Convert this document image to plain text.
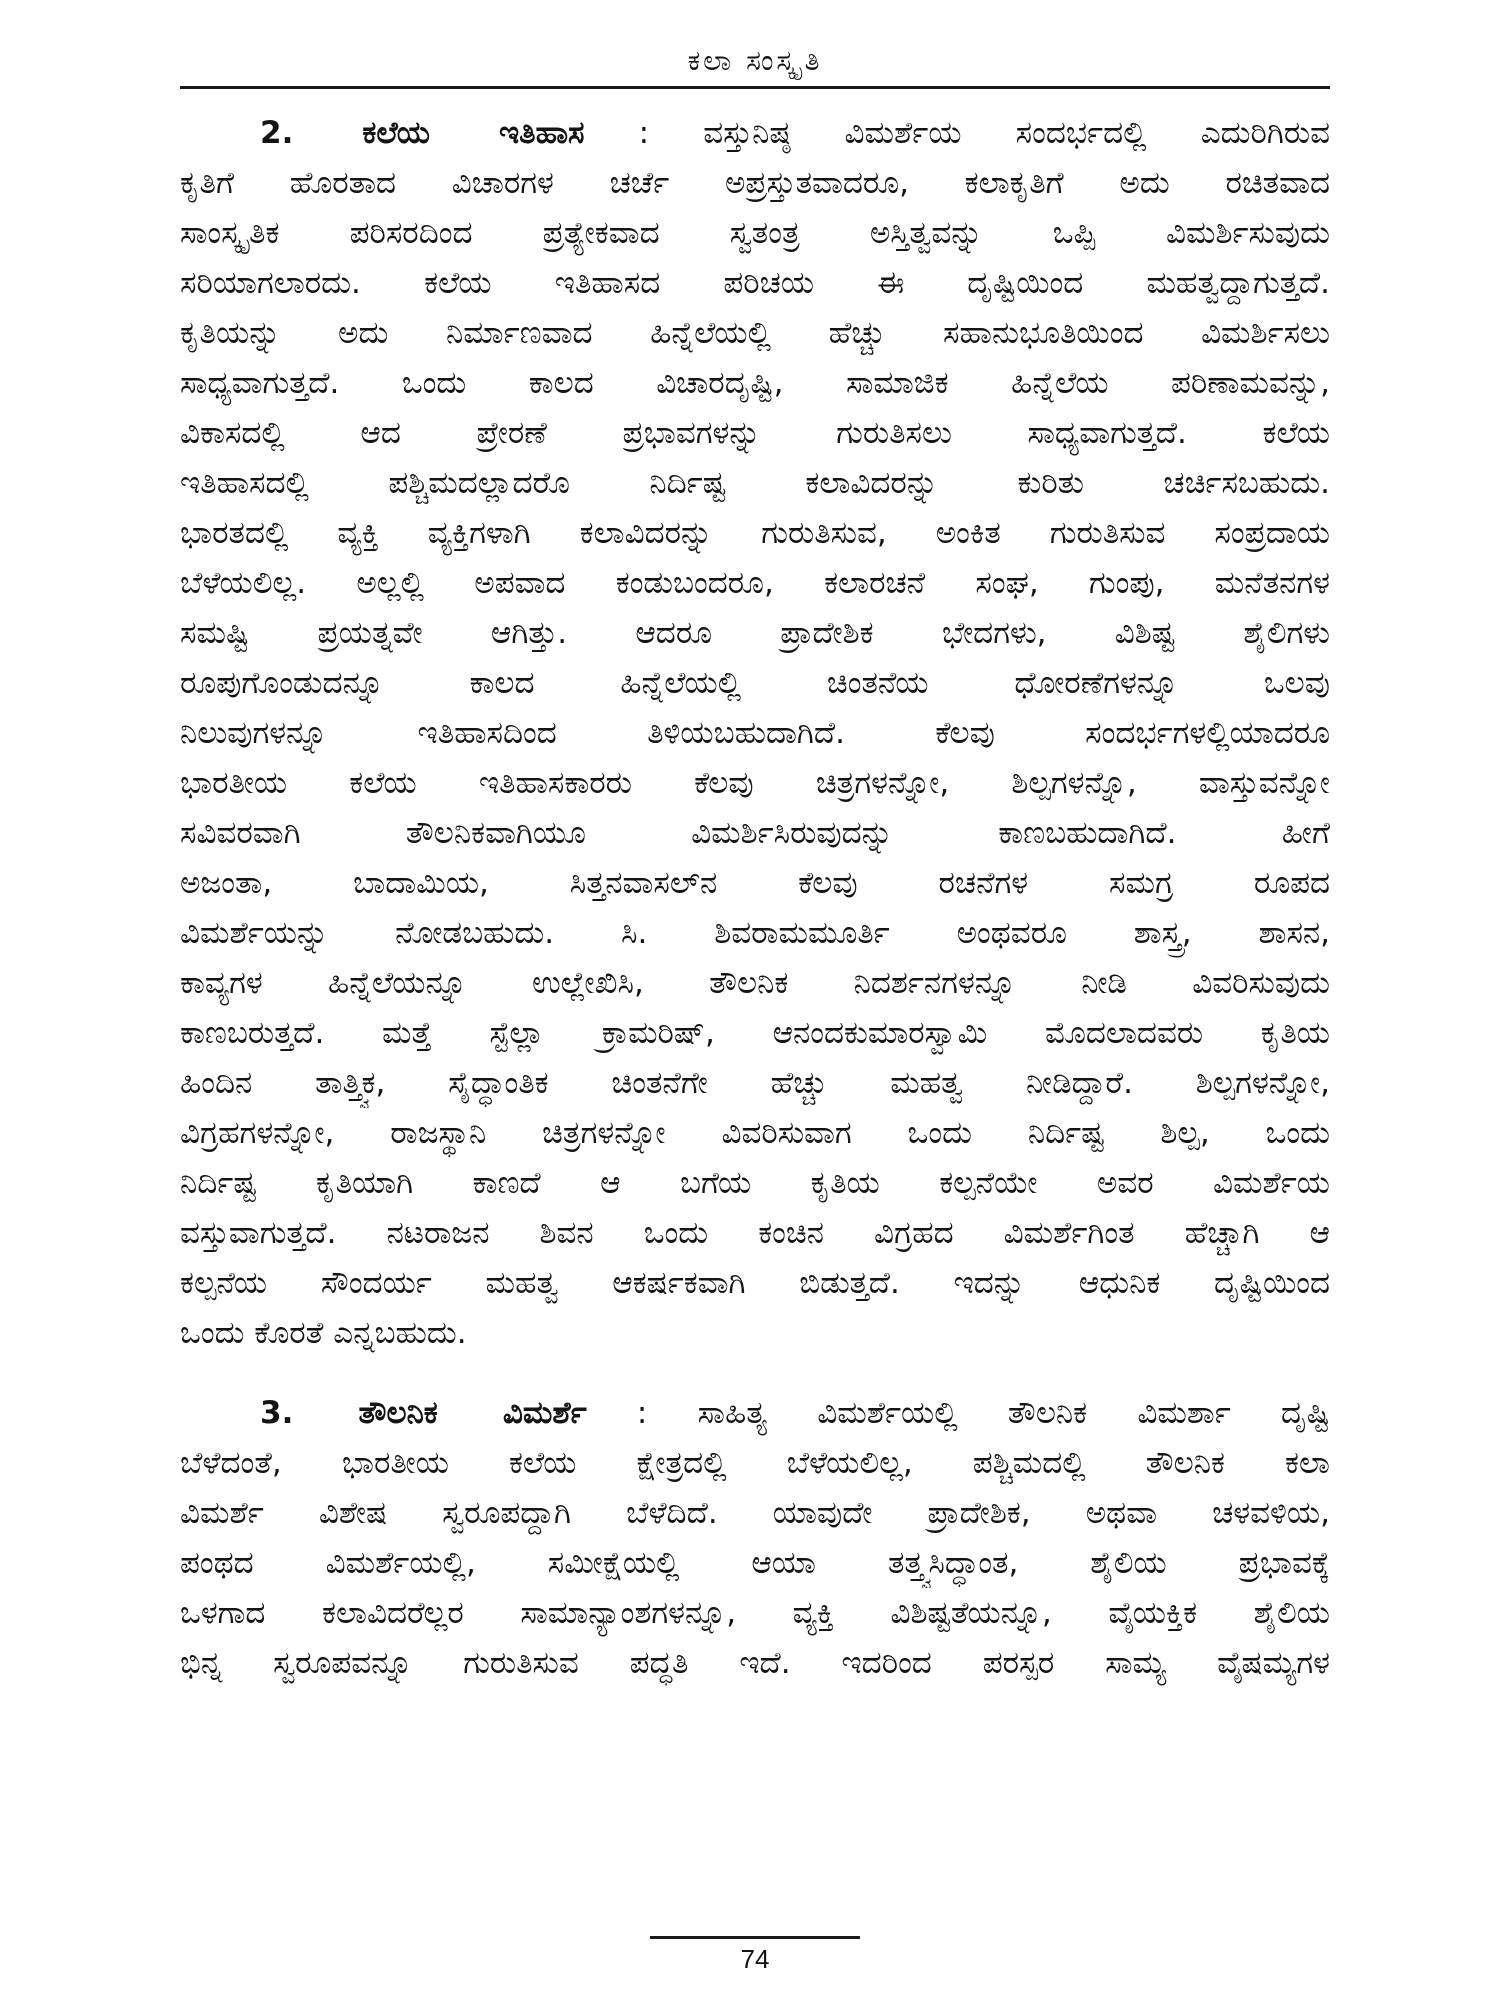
ಕಲಾ ಸಂಸ್ಕೃತಿ
2. ಕಲೆಯ ಇತಿಹಾಸ : ವಸ್ತುನಿಷ್ಠ ವಿಮರ್ಶೆಯ ಸಂದರ್ಭದಲ್ಲಿ ಎದುರಿಗಿರುವ
ಕೃತಿಗೆ ಹೊರತಾದ ವಿಚಾರಗಳ ಚರ್ಚೆ ಅಪ್ರಸ್ತುತವಾದರೂ, ಕಲಾಕೃತಿಗೆ ಅದು ರಚಿತವಾದ
ಸಾಂಸ್ಕೃತಿಕ ಪರಿಸರದಿಂದ ಪ್ರತ್ಯೇಕವಾದ ಸ್ವತಂತ್ರ ಅಸ್ತಿತ್ವವನ್ನು ಒಪ್ಪಿ ವಿಮರ್ಶಿಸುವುದು
ಸರಿಯಾಗಲಾರದು. ಕಲೆಯ ಇತಿಹಾಸದ ಪರಿಚಯ ಈ ದೃಷ್ಟಿಯಿಂದ ಮಹತ್ವದ್ದಾಗುತ್ತದೆ.
ಕೃತಿಯನ್ನು ಅದು ನಿರ್ಮಾಣವಾದ ಹಿನ್ನೆಲೆಯಲ್ಲಿ ಹೆಚ್ಚು ಸಹಾನುಭೂತಿಯಿಂದ ವಿಮರ್ಶಿಸಲು
ಸಾಧ್ಯವಾಗುತ್ತದೆ. ಒಂದು ಕಾಲದ ವಿಚಾರದೃಷ್ಟಿ, ಸಾಮಾಜಿಕ ಹಿನ್ನೆಲೆಯ ಪರಿಣಾಮವನ್ನು,
ವಿಕಾಸದಲ್ಲಿ ಆದ ಪ್ರೇರಣೆ ಪ್ರಭಾವಗಳನ್ನು ಗುರುತಿಸಲು ಸಾಧ್ಯವಾಗುತ್ತದೆ. ಕಲೆಯ
ಇತಿಹಾಸದಲ್ಲಿ ಪಶ್ಚಿಮದಲ್ಲಾದರೊ ನಿರ್ದಿಷ್ಟ ಕಲಾವಿದರನ್ನು ಕುರಿತು ಚರ್ಚಿಸಬಹುದು.
ಭಾರತದಲ್ಲಿ ವ್ಯಕ್ತಿ ವ್ಯಕ್ತಿಗಳಾಗಿ ಕಲಾವಿದರನ್ನು ಗುರುತಿಸುವ, ಅಂಕಿತ ಗುರುತಿಸುವ ಸಂಪ್ರದಾಯ
ಬೆಳೆಯಲಿಲ್ಲ. ಅಲ್ಲಲ್ಲಿ ಅಪವಾದ ಕಂಡುಬಂದರೂ, ಕಲಾರಚನೆ ಸಂಘ, ಗುಂಪು, ಮನೆತನಗಳ
ಸಮಷ್ಟಿ ಪ್ರಯತ್ನವೇ ಆಗಿತ್ತು. ಆದರೂ ಪ್ರಾದೇಶಿಕ ಭೇದಗಳು, ವಿಶಿಷ್ಟ ಶೈಲಿಗಳು
ರೂಪುಗೊಂಡುದನ್ನೂ ಕಾಲದ ಹಿನ್ನೆಲೆಯಲ್ಲಿ ಚಿಂತನೆಯ ಧೋರಣೆಗಳನ್ನೂ ಒಲವು
ನಿಲುವುಗಳನ್ನೂ ಇತಿಹಾಸದಿಂದ ತಿಳಿಯಬಹುದಾಗಿದೆ. ಕೆಲವು ಸಂದರ್ಭಗಳಲ್ಲಿಯಾದರೂ
ಭಾರತೀಯ ಕಲೆಯ ಇತಿಹಾಸಕಾರರು ಕೆಲವು ಚಿತ್ರಗಳನ್ನೋ, ಶಿಲ್ಪಗಳನ್ನೊ, ವಾಸ್ತುವನ್ನೋ
ಸವಿವರವಾಗಿ ತೌಲನಿಕವಾಗಿಯೂ ವಿಮರ್ಶಿಸಿರುವುದನ್ನು ಕಾಣಬಹುದಾಗಿದೆ. ಹೀಗೆ
ಅಜಂತಾ, ಬಾದಾಮಿಯ, ಸಿತ್ತನವಾಸಲ್‌ನ ಕೆಲವು ರಚನೆಗಳ ಸಮಗ್ರ ರೂಪದ
ವಿಮರ್ಶೆಯನ್ನು ನೋಡಬಹುದು. ಸಿ. ಶಿವರಾಮಮೂರ್ತಿ ಅಂಥವರೂ ಶಾಸ್ತ್ರ, ಶಾಸನ,
ಕಾವ್ಯಗಳ ಹಿನ್ನೆಲೆಯನ್ನೂ ಉಲ್ಲೇಖಿಸಿ, ತೌಲನಿಕ ನಿದರ್ಶನಗಳನ್ನೂ ನೀಡಿ ವಿವರಿಸುವುದು
ಕಾಣಬರುತ್ತದೆ. ಮತ್ತೆ ಸ್ಟೆಲ್ಲಾ ಕ್ರಾಮರಿಷ್, ಆನಂದಕುಮಾರಸ್ವಾಮಿ ಮೊದಲಾದವರು ಕೃತಿಯ
ಹಿಂದಿನ ತಾತ್ತ್ವಿಕ, ಸೈದ್ಧಾಂತಿಕ ಚಿಂತನೆಗೇ ಹೆಚ್ಚು ಮಹತ್ವ ನೀಡಿದ್ದಾರೆ. ಶಿಲ್ಪಗಳನ್ನೋ,
ವಿಗ್ರಹಗಳನ್ನೋ, ರಾಜಸ್ಥಾನಿ ಚಿತ್ರಗಳನ್ನೋ ವಿವರಿಸುವಾಗ ಒಂದು ನಿರ್ದಿಷ್ಟ ಶಿಲ್ಪ, ಒಂದು
ನಿರ್ದಿಷ್ಟ ಕೃತಿಯಾಗಿ ಕಾಣದೆ ಆ ಬಗೆಯ ಕೃತಿಯ ಕಲ್ಪನೆಯೇ ಅವರ ವಿಮರ್ಶೆಯ
ವಸ್ತುವಾಗುತ್ತದೆ. ನಟರಾಜನ ಶಿವನ ಒಂದು ಕಂಚಿನ ವಿಗ್ರಹದ ವಿಮರ್ಶೆಗಿಂತ ಹೆಚ್ಚಾಗಿ ಆ
ಕಲ್ಪನೆಯ ಸೌಂದರ್ಯ ಮಹತ್ವ ಆಕರ್ಷಕವಾಗಿ ಬಿಡುತ್ತದೆ. ಇದನ್ನು ಆಧುನಿಕ ದೃಷ್ಟಿಯಿಂದ
ಒಂದು ಕೊರತೆ ಎನ್ನಬಹುದು.
3. ತೌಲನಿಕ ವಿಮರ್ಶೆ : ಸಾಹಿತ್ಯ ವಿಮರ್ಶೆಯಲ್ಲಿ ತೌಲನಿಕ ವಿಮರ್ಶಾ ದೃಷ್ಟಿ
ಬೆಳೆದಂತೆ, ಭಾರತೀಯ ಕಲೆಯ ಕ್ಷೇತ್ರದಲ್ಲಿ ಬೆಳೆಯಲಿಲ್ಲ, ಪಶ್ಚಿಮದಲ್ಲಿ ತೌಲನಿಕ ಕಲಾ
ವಿಮರ್ಶೆ ವಿಶೇಷ ಸ್ವರೂಪದ್ದಾಗಿ ಬೆಳೆದಿದೆ. ಯಾವುದೇ ಪ್ರಾದೇಶಿಕ, ಅಥವಾ ಚಳವಳಿಯ,
ಪಂಥದ ವಿಮರ್ಶೆಯಲ್ಲಿ, ಸಮೀಕ್ಷೆಯಲ್ಲಿ ಆಯಾ ತತ್ತ್ವಸಿದ್ಧಾಂತ, ಶೈಲಿಯ ಪ್ರಭಾವಕ್ಕೆ
ಒಳಗಾದ ಕಲಾವಿದರೆಲ್ಲರ ಸಾಮಾನ್ಯಾಂಶಗಳನ್ನೂ, ವ್ಯಕ್ತಿ ವಿಶಿಷ್ಟತೆಯನ್ನೂ, ವೈಯಕ್ತಿಕ ಶೈಲಿಯ
ಭಿನ್ನ ಸ್ವರೂಪವನ್ನೂ ಗುರುತಿಸುವ ಪದ್ಧತಿ ಇದೆ. ಇದರಿಂದ ಪರಸ್ಪರ ಸಾಮ್ಯ ವೈಷಮ್ಯಗಳ
74
